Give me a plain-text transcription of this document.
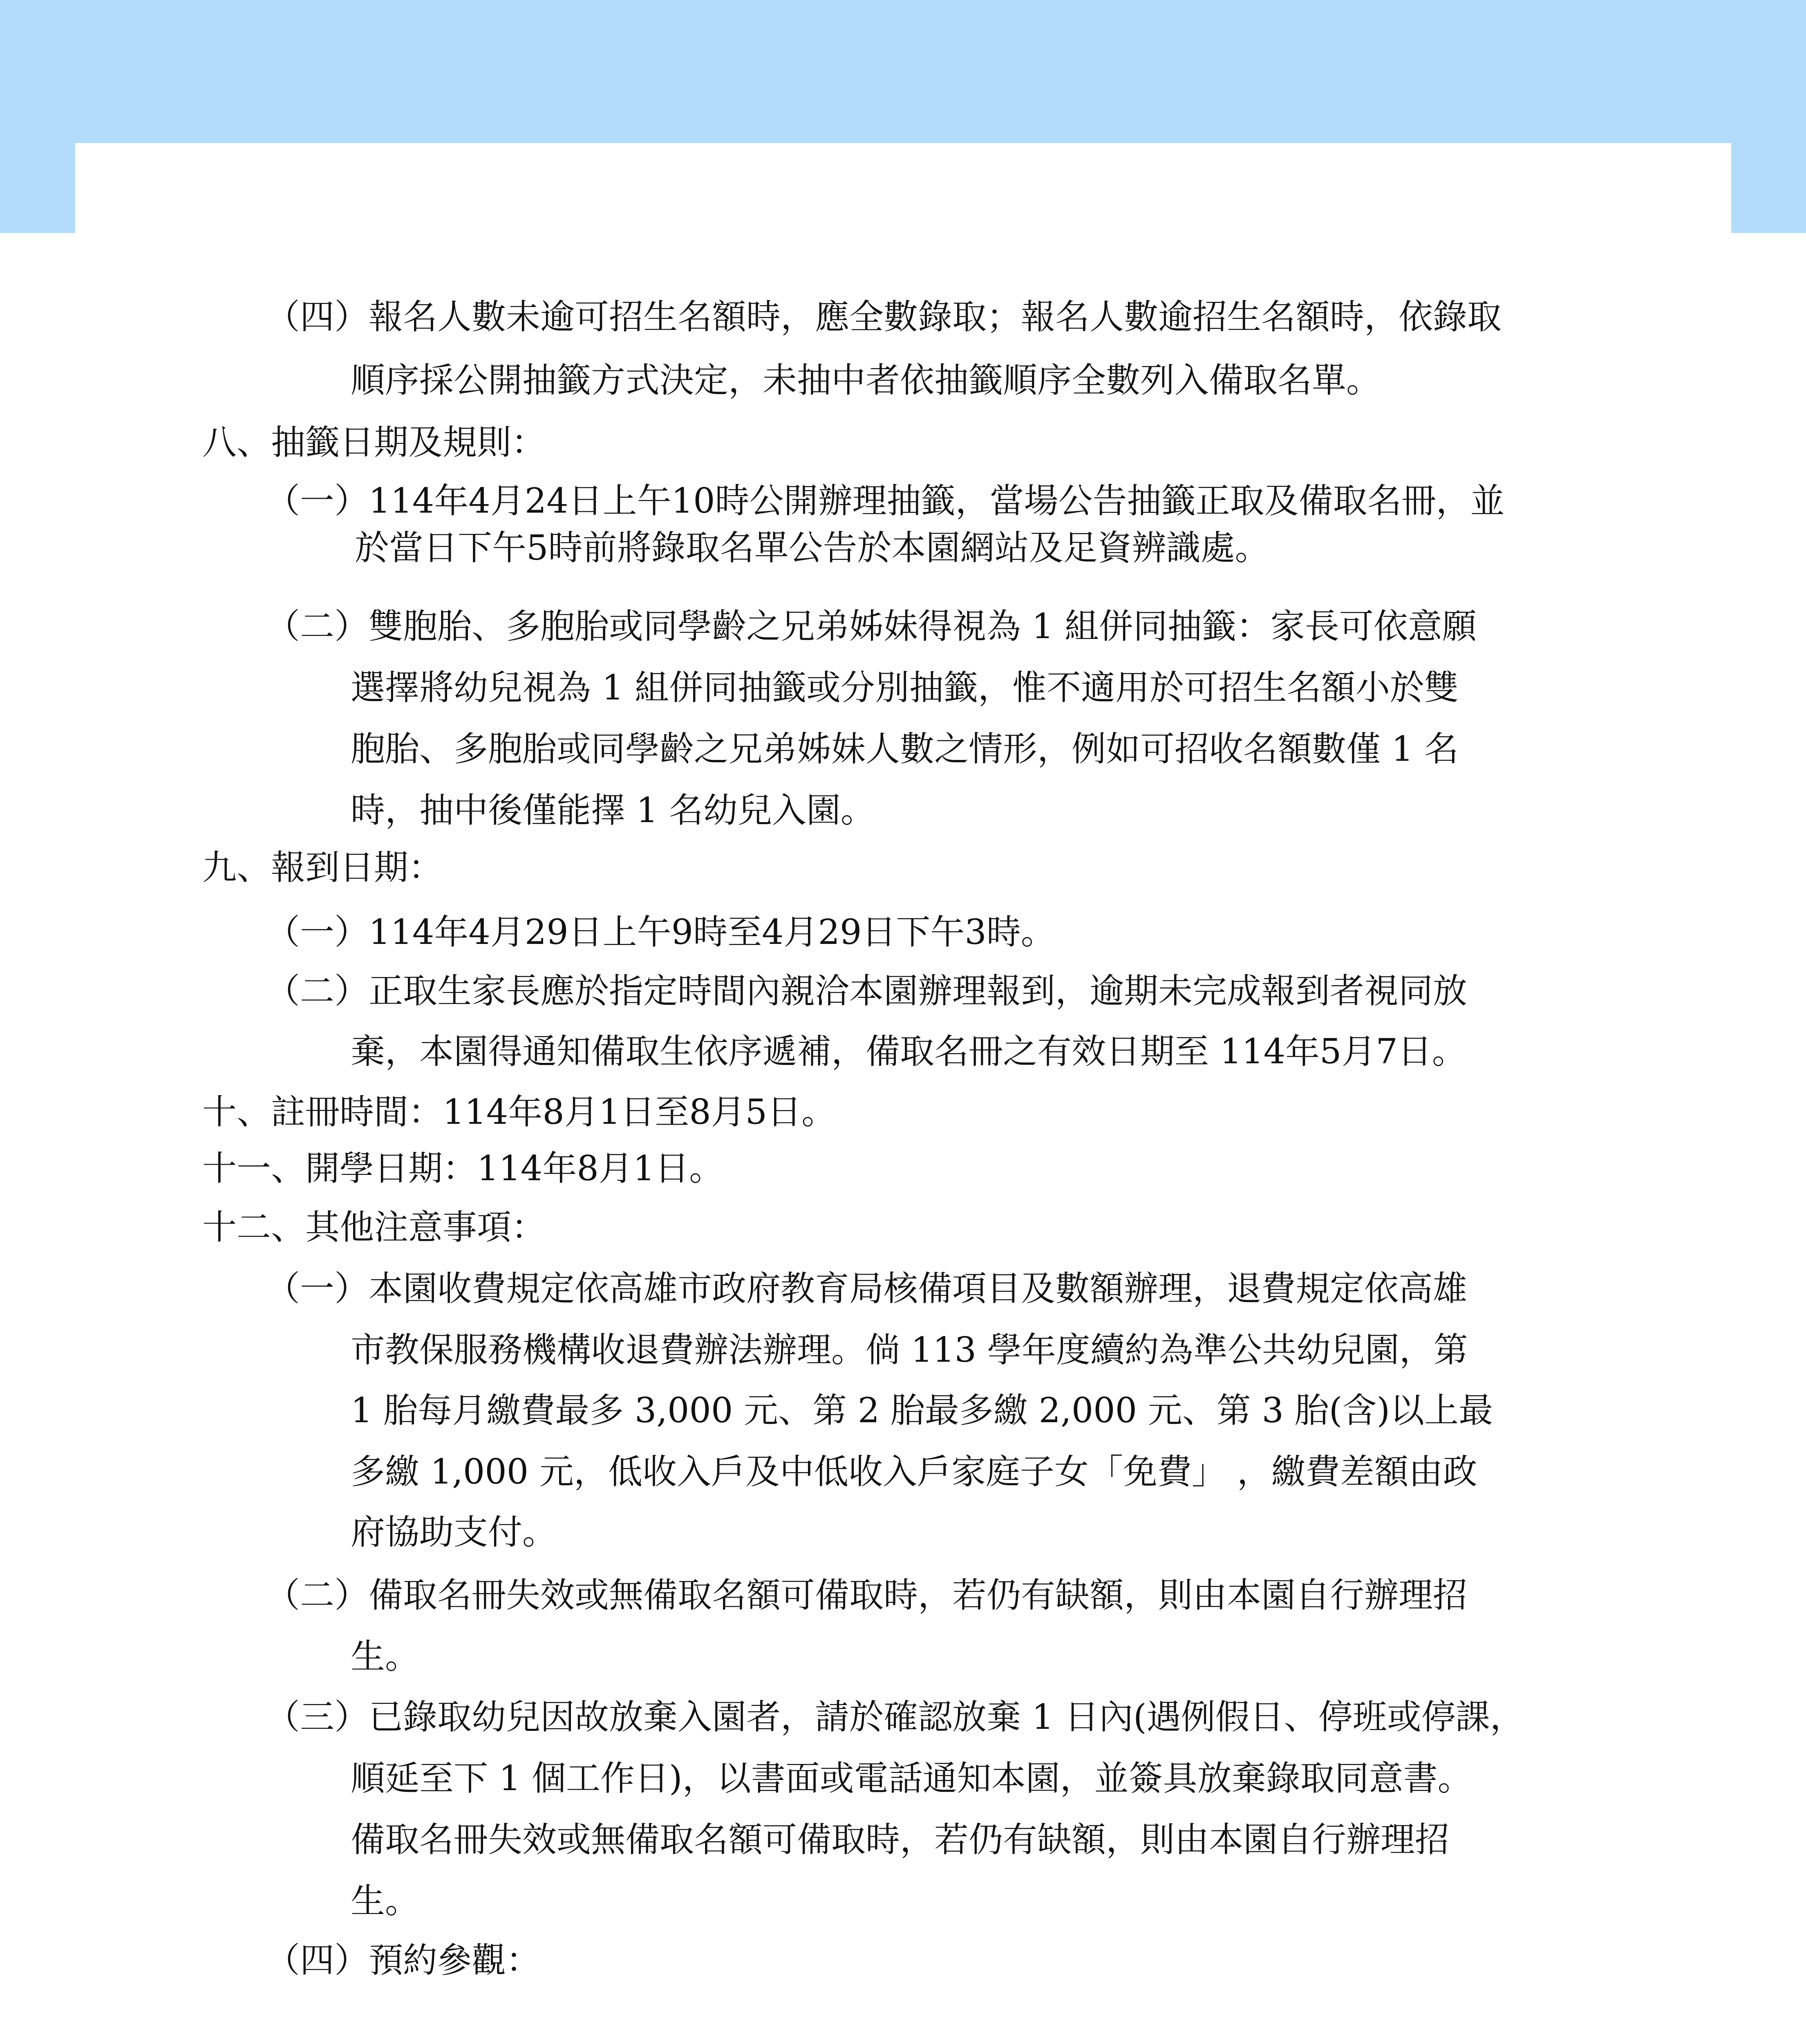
（四）報名人數未逾可招生名額時，應全數錄取；報名人數逾招生名額時，依錄取
順序採公開抽籤方式決定，未抽中者依抽籤順序全數列入備取名單。
八、抽籤日期及規則：
（一）114年4月24日上午10時公開辦理抽籤，當場公告抽籤正取及備取名冊，並
於當日下午5時前將錄取名單公告於本園網站及足資辨識處。
（二）雙胞胎、多胞胎或同學齡之兄弟姊妹得視為 1 組併同抽籤：家長可依意願
選擇將幼兒視為 1 組併同抽籤或分別抽籤，惟不適用於可招生名額小於雙
胞胎、多胞胎或同學齡之兄弟姊妹人數之情形，例如可招收名額數僅 1 名
時，抽中後僅能擇 1 名幼兒入園。
九、報到日期：
（一）114年4月29日上午9時至4月29日下午3時。
（二）正取生家長應於指定時間內親洽本園辦理報到，逾期未完成報到者視同放
棄，本園得通知備取生依序遞補，備取名冊之有效日期至 114年5月7日。
十、註冊時間：114年8月1日至8月5日。
十一、開學日期：114年8月1日。
十二、其他注意事項：
（一）本園收費規定依高雄市政府教育局核備項目及數額辦理，退費規定依高雄
市教保服務機構收退費辦法辦理。倘 113 學年度續約為準公共幼兒園，第
1 胎每月繳費最多 3,000 元、第 2 胎最多繳 2,000 元、第 3 胎(含)以上最
多繳 1,000 元，低收入戶及中低收入戶家庭子女「免費」 ，繳費差額由政
府協助支付。
（二）備取名冊失效或無備取名額可備取時，若仍有缺額，則由本園自行辦理招
生。
（三）已錄取幼兒因故放棄入園者，請於確認放棄 1 日內(遇例假日、停班或停課，
順延至下 1 個工作日)，以書面或電話通知本園，並簽具放棄錄取同意書。
備取名冊失效或無備取名額可備取時，若仍有缺額，則由本園自行辦理招
生。
（四）預約參觀：
